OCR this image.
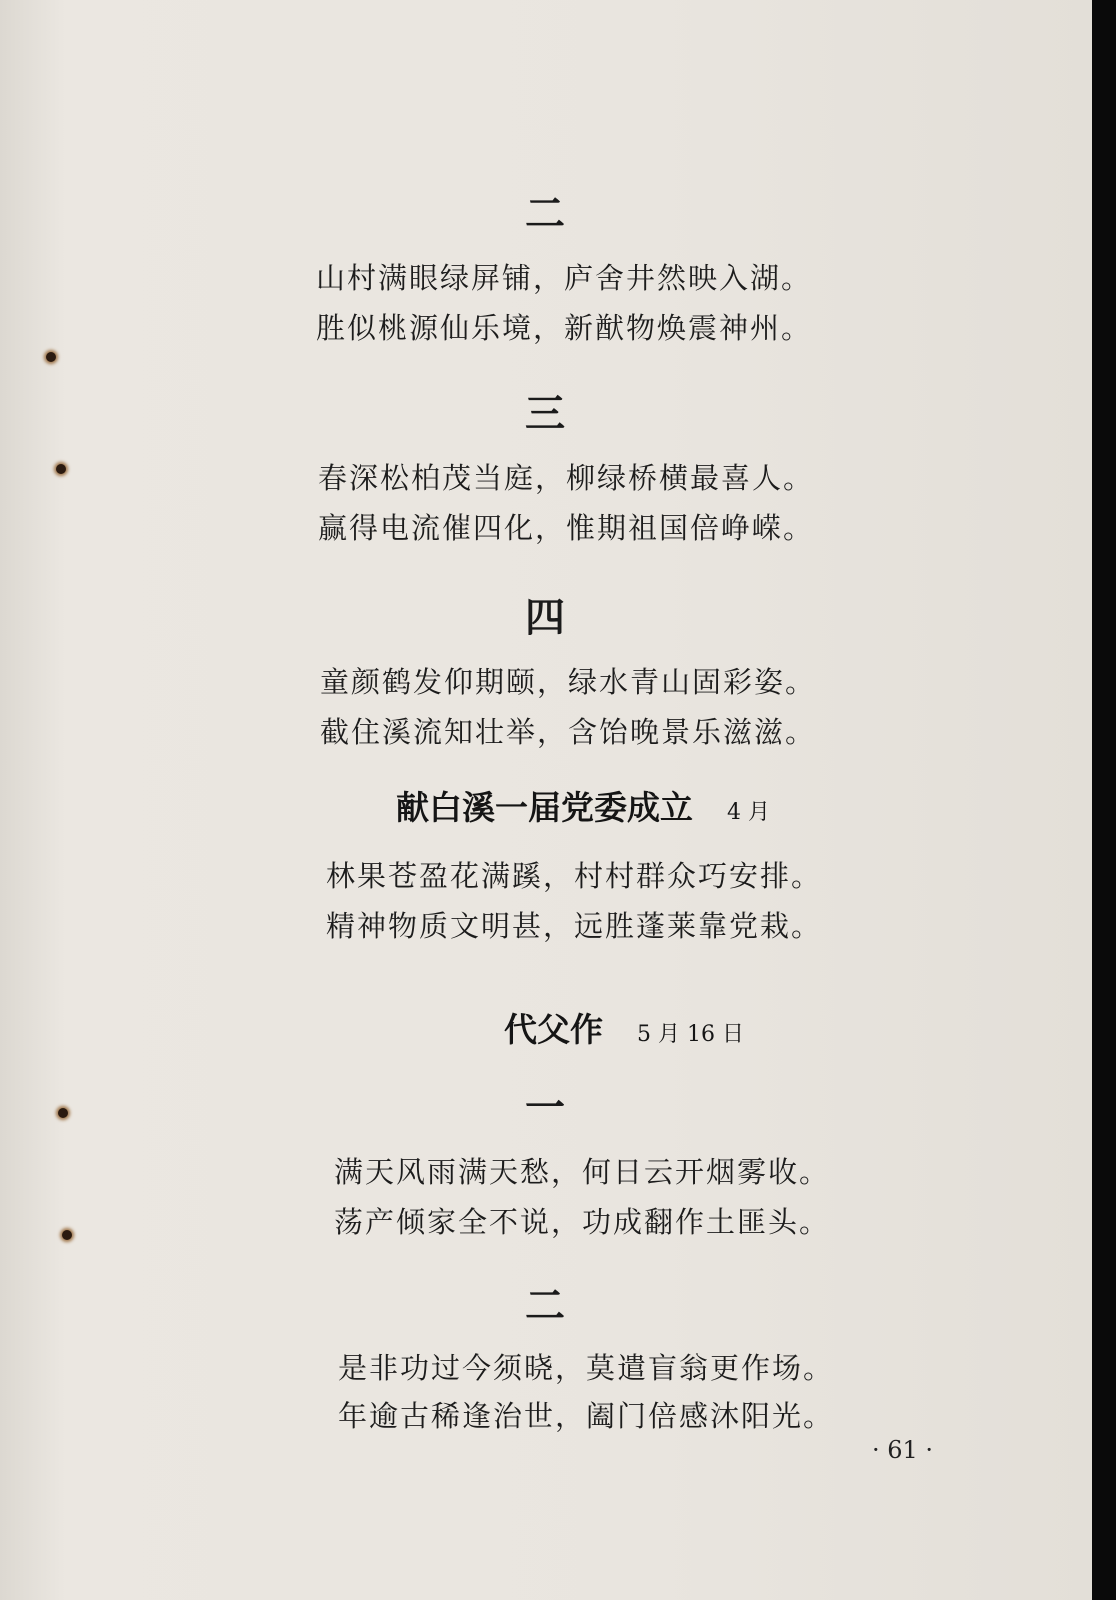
二
山村满眼绿屏铺，庐舍井然映入湖。
胜似桃源仙乐境，新猷物焕震神州。
三
春深松柏茂当庭，柳绿桥横最喜人。
赢得电流催四化，惟期祖国倍峥嵘。
四
童颜鹤发仰期颐，绿水青山固彩姿。
截住溪流知壮举，含饴晚景乐滋滋。
献白溪一届党委成立 4 月
林果苍盈花满蹊，村村群众巧安排。
精神物质文明甚，远胜蓬莱靠党栽。
代父作 5 月 16 日
一
满天风雨满天愁，何日云开烟雾收。
荡产倾家全不说，功成翻作土匪头。
二
是非功过今须晓，莫遣盲翁更作场。
年逾古稀逢治世，阖门倍感沐阳光。
· 61 ·
